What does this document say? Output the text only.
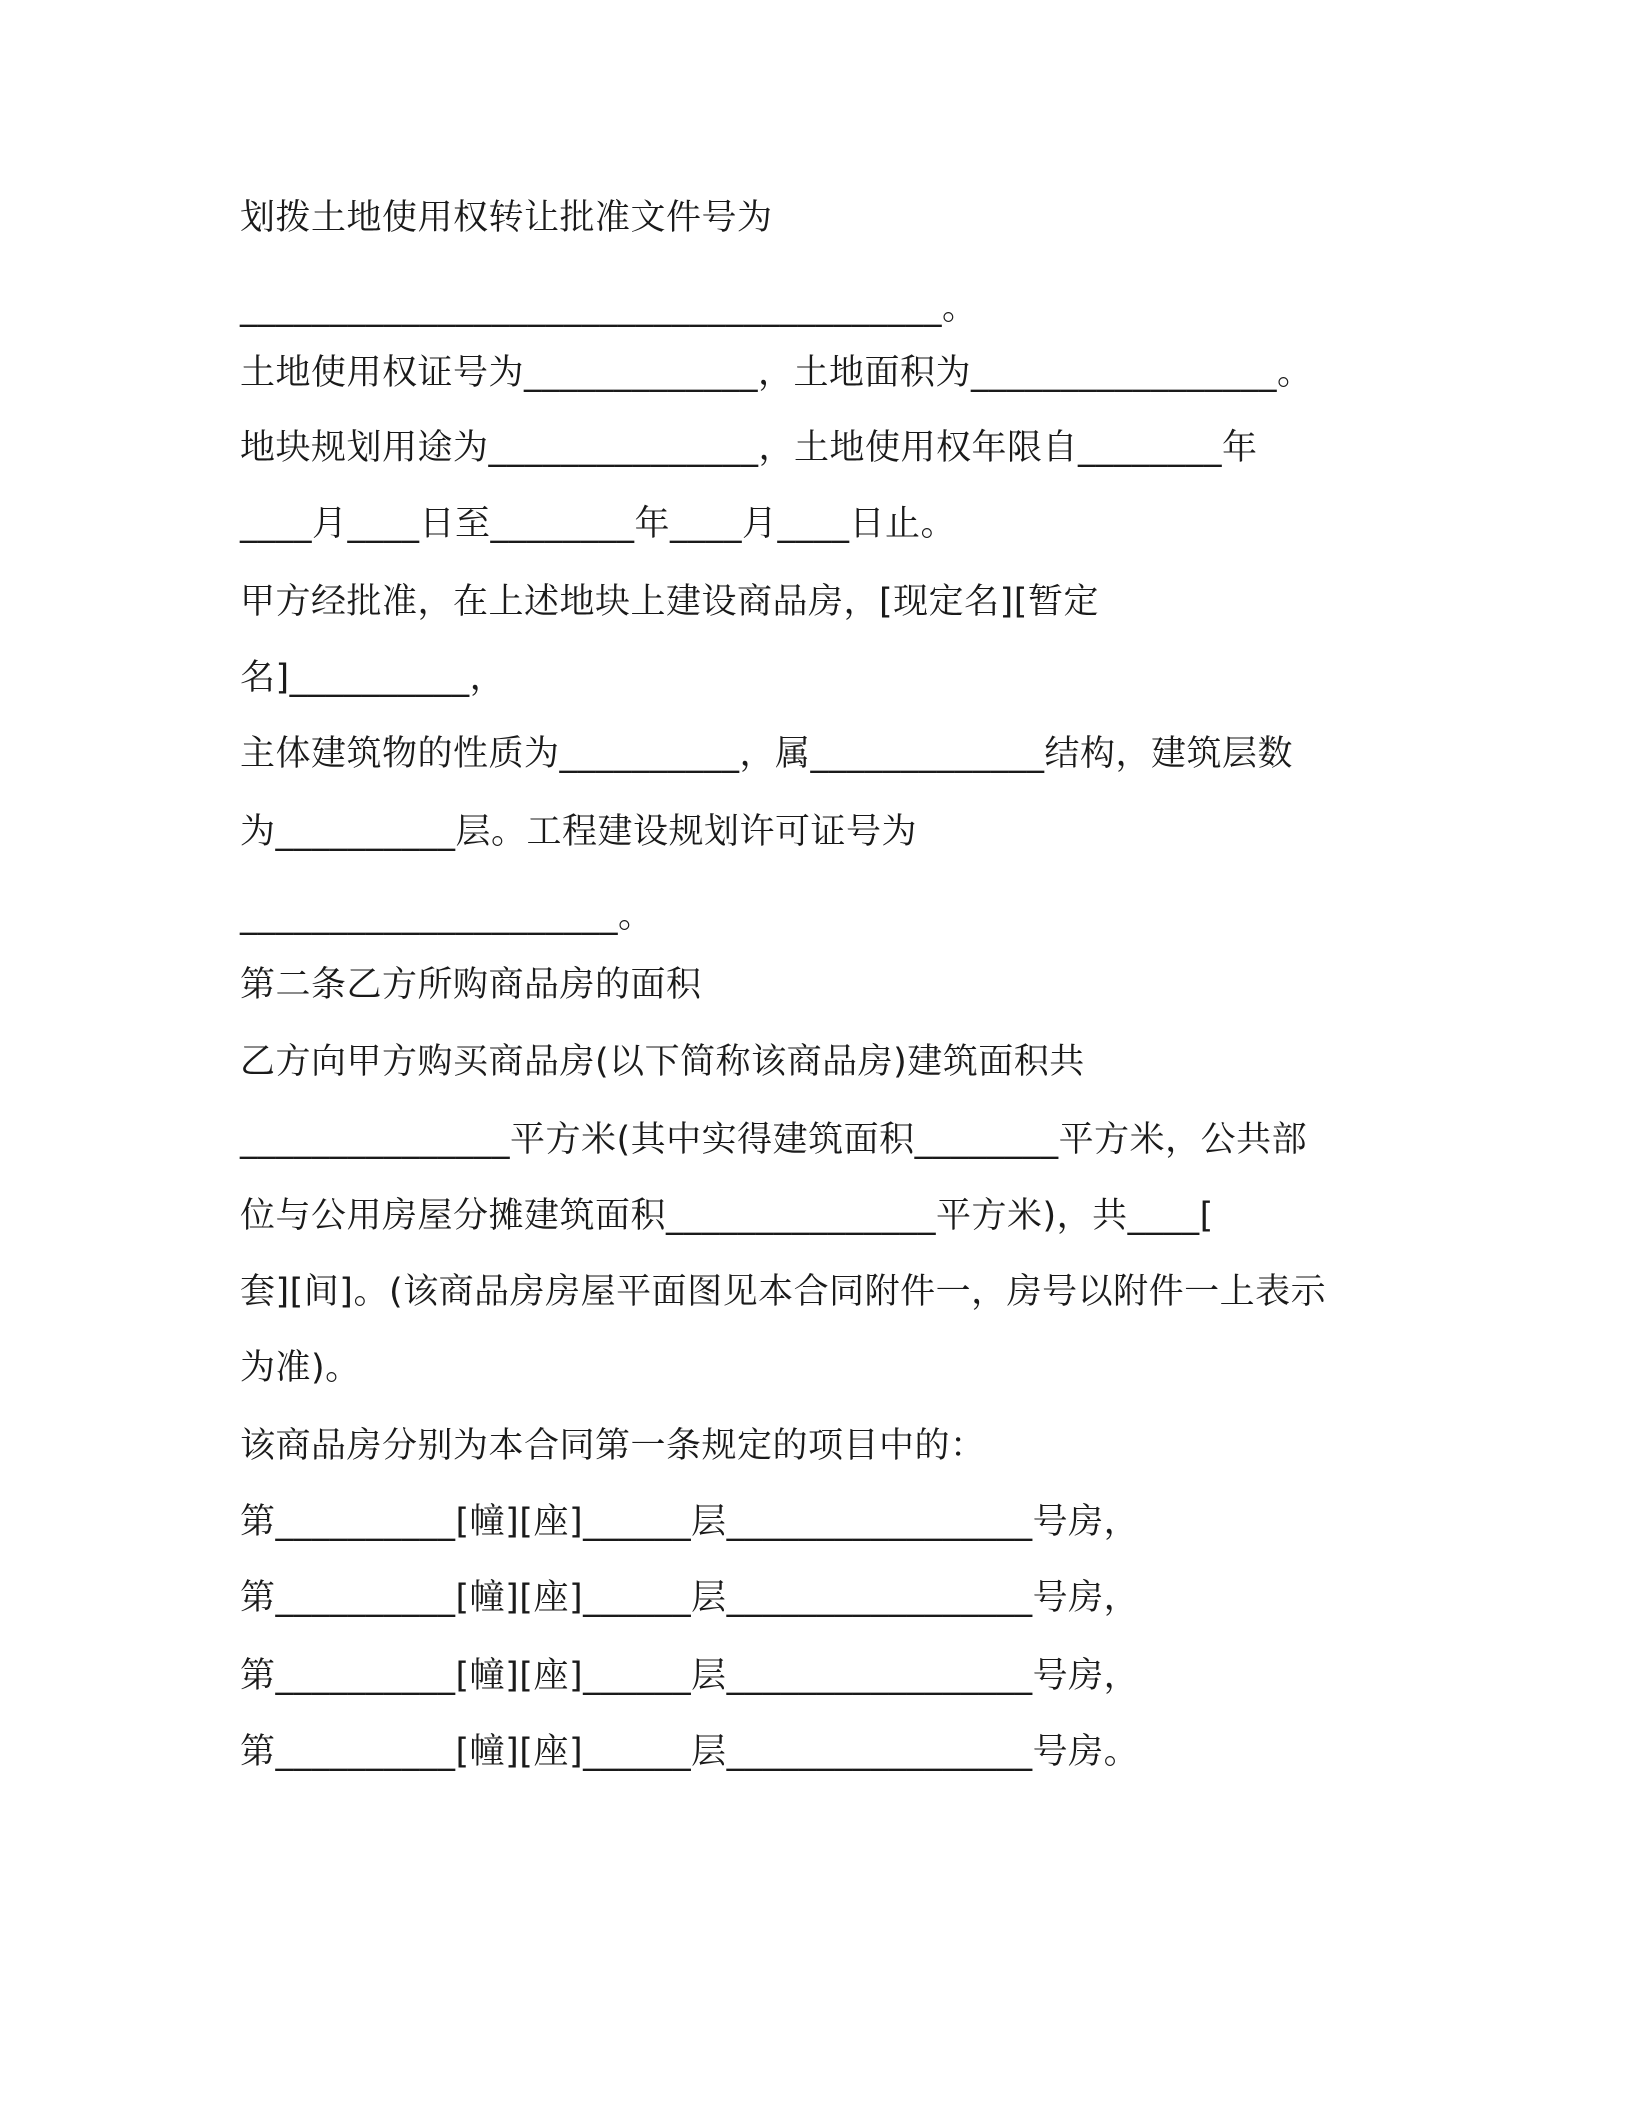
划拨土地使用权转让批准文件号为
_______________________________________。
土地使用权证号为_____________，土地面积为_________________。
地块规划用途为_______________，土地使用权年限自________年
____月____日至________年____月____日止。
甲方经批准，在上述地块上建设商品房，[现定名][暂定
名]__________，
主体建筑物的性质为__________，属_____________结构，建筑层数
为__________层。工程建设规划许可证号为
_____________________。
第二条乙方所购商品房的面积
乙方向甲方购买商品房(以下简称该商品房)建筑面积共
_______________平方米(其中实得建筑面积________平方米，公共部
位与公用房屋分摊建筑面积_______________平方米)，共____[
套][间]。(该商品房房屋平面图见本合同附件一，房号以附件一上表示
为准)。
该商品房分别为本合同第一条规定的项目中的：
第__________[幢][座]______层_________________号房，
第__________[幢][座]______层_________________号房，
第__________[幢][座]______层_________________号房，
第__________[幢][座]______层_________________号房。
